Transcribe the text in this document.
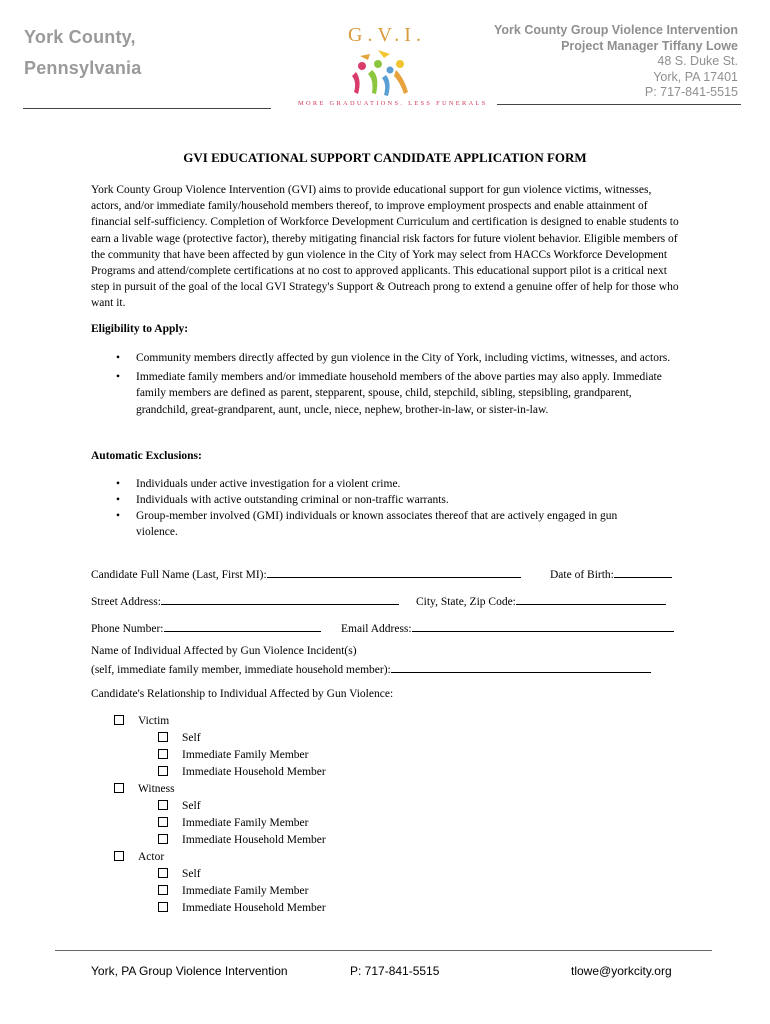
York County,
Pennsylvania
G.V.I.
MORE GRADUATIONS. LESS FUNERALS
York County Group Violence Intervention
Project Manager Tiffany Lowe
48 S. Duke St.
York, PA 17401
P: 717-841-5515
GVI EDUCATIONAL SUPPORT CANDIDATE APPLICATION FORM
York County Group Violence Intervention (GVI) aims to provide educational support for gun violence victims, witnesses, actors, and/or immediate family/household members thereof, to improve employment prospects and enable attainment of financial self-sufficiency. Completion of Workforce Development Curriculum and certification is designed to enable students to earn a livable wage (protective factor), thereby mitigating financial risk factors for future violent behavior. Eligible members of the community that have been affected by gun violence in the City of York may select from HACCs Workforce Development Programs and attend/complete certifications at no cost to approved applicants. This educational support pilot is a critical next step in pursuit of the goal of the local GVI Strategy's Support & Outreach prong to extend a genuine offer of help for those who want it.
Eligibility to Apply:
• Community members directly affected by gun violence in the City of York, including victims, witnesses, and actors.
• Immediate family members and/or immediate household members of the above parties may also apply. Immediate family members are defined as parent, stepparent, spouse, child, stepchild, sibling, stepsibling, grandparent, grandchild, great-grandparent, aunt, uncle, niece, nephew, brother-in-law, or sister-in-law.
Automatic Exclusions:
• Individuals under active investigation for a violent crime.
• Individuals with active outstanding criminal or non-traffic warrants.
• Group-member involved (GMI) individuals or known associates thereof that are actively engaged in gun violence.
Candidate Full Name (Last, First MI):	Date of Birth:
Street Address:	City, State, Zip Code:
Phone Number:	Email Address:
Name of Individual Affected by Gun Violence Incident(s)
(self, immediate family member, immediate household member):
Candidate's Relationship to Individual Affected by Gun Violence:
Victim
Self
Immediate Family Member
Immediate Household Member
Witness
Self
Immediate Family Member
Immediate Household Member
Actor
Self
Immediate Family Member
Immediate Household Member
York, PA Group Violence Intervention	P: 717-841-5515	tlowe@yorkcity.org
